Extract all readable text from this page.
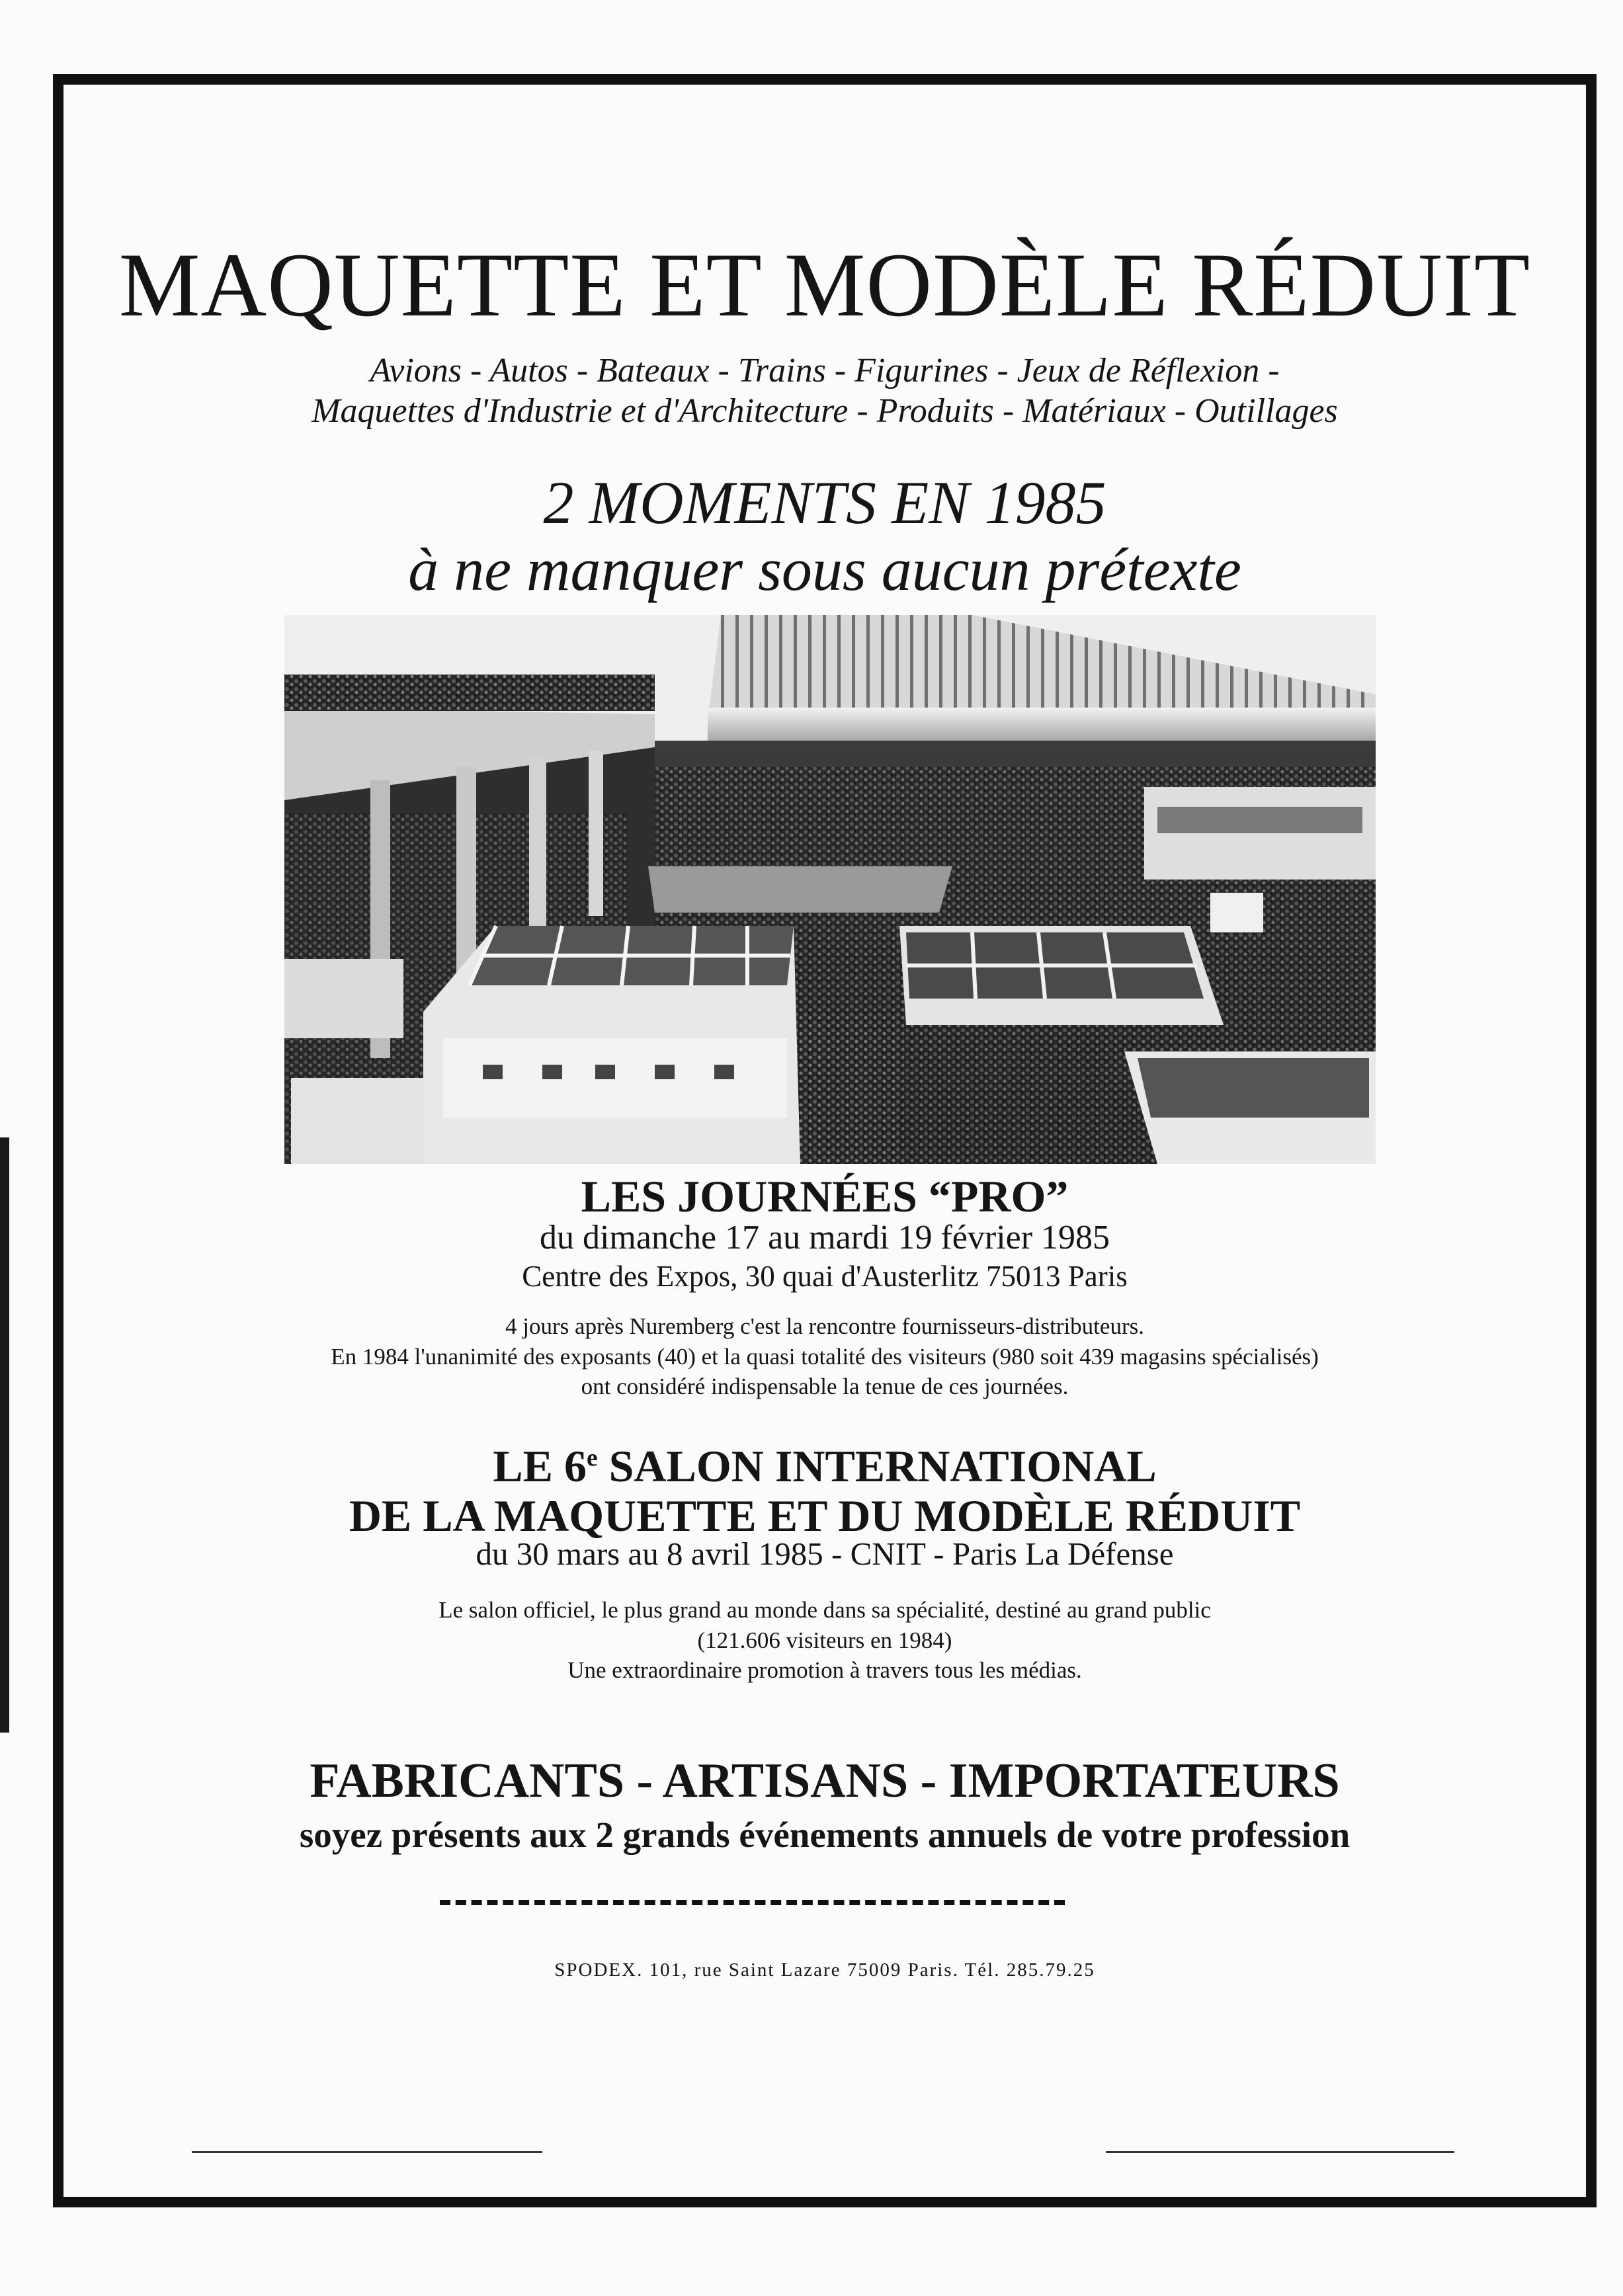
MAQUETTE ET MODÈLE RÉDUIT
Avions - Autos - Bateaux - Trains - Figurines - Jeux de Réflexion -
Maquettes d'Industrie et d'Architecture - Produits - Matériaux - Outillages
2 MOMENTS EN 1985
à ne manquer sous aucun prétexte
LES JOURNÉES “PRO”
du dimanche 17 au mardi 19 février 1985
Centre des Expos, 30 quai d'Austerlitz 75013 Paris
4 jours après Nuremberg c'est la rencontre fournisseurs-distributeurs.
En 1984 l'unanimité des exposants (40) et la quasi totalité des visiteurs (980 soit 439 magasins spécialisés)
ont considéré indispensable la tenue de ces journées.
LE 6e SALON INTERNATIONAL
DE LA MAQUETTE ET DU MODÈLE RÉDUIT
du 30 mars au 8 avril 1985 - CNIT - Paris La Défense
Le salon officiel, le plus grand au monde dans sa spécialité, destiné au grand public
(121.606 visiteurs en 1984)
Une extraordinaire promotion à travers tous les médias.
FABRICANTS - ARTISANS - IMPORTATEURS
soyez présents aux 2 grands événements annuels de votre profession
SPODEX. 101, rue Saint Lazare 75009 Paris. Tél. 285.79.25
